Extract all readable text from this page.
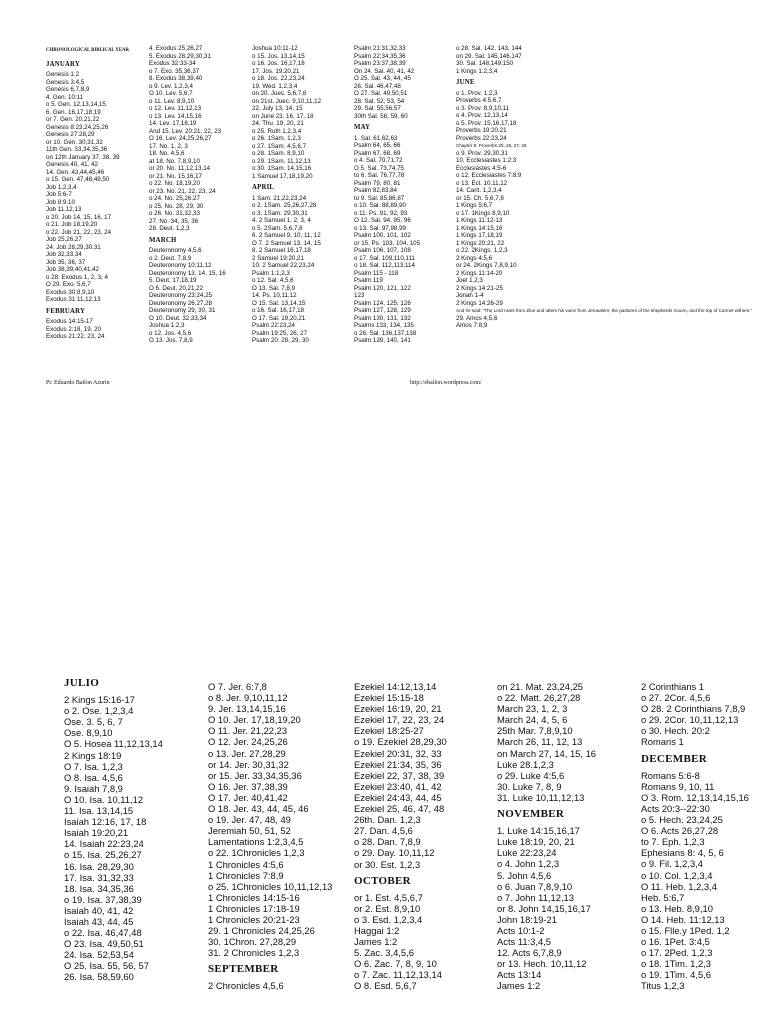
CHRONOLOGICAL BIBLICAL YEAR
JANUARY
Genesis 1:2
Genesis 3:4,5
Genesis 6,7,8,9
4. Gen. 10:11
o 5. Gen. 12,13,14,15
6. Gen. 16,17,18,19
or 7. Gen. 20,21,22
Genesis 8:23,24,25,26
Genesis 27:28,29
or 10. Gen. 30,31,32
11th Gen. 33,34,35,36
on 12th January 37, 38, 39
Genesis 40, 41, 42
14. Gen. 43,44,45,46
o 15. Gen. 47,48,49,50
Job 1,2,3,4
Job 5:6-7
Job 8:9,10
Job 11,12,13
o 20. Job 14, 15, 16, 17
o 21. Job 18,19,20
o 22. Job 21, 22, 23, 24
Job 25,26,27
24. Job 28,29,30,31
Job 32,33,34
Job 35, 36, 37
Job 38,39,40,41,42
o 28. Exodus 1, 2, 3, 4
O 29. Exo. 5,6,7
Exodus 30:8,9,10
Exodus 31:11,12,13
FEBRUARY
Exodus 14:15-17
Exodus 2:18, 19, 20
Exodus 21:22, 23, 24
4. Exodus 25,26,27
5. Exodus 28,29,30,31
Exodus 32:33-34
o 7. Exo. 35,36,37
8. Exodus 38,39,40
o 9. Lev. 1,2,3,4
O 10. Lev. 5,6,7
o 11. Lev. 8,9,10
o 12. Lev. 11,12,13
o 13. Lev. 14,15,16
14. Lev. 17,18,19
And 15. Lev. 20:21, 22, 23
O 16. Lev. 24,25,26,27
17. No. 1, 2, 3
18. No. 4,5,6
at 18. No. 7,8,9,10
or 20. No. 11,12,13,14
or 21. No. 15,16,17
o 22. No. 18,19,20
or 23. No. 21, 22, 23, 24
o 24. No. 25,26,27
o 25. No. 28, 29, 30
o 26. No. 31,32,33
27. No. 34, 35, 36
28. Deut. 1,2,3
MARCH
Deuteronomy 4,5,6
o 2. Deut. 7,8,9
Deuteronomy 10:11,12
Deuteronomy 13, 14, 15, 16
5. Deut. 17,18,19
O 6. Deut. 20,21,22
Deuteronomy 23:24,25
Deuteronomy 26,27,28
Deuteronomy 29, 30, 31
O 10. Deut. 32,33,34
Joshua 1:2,3
o 12. Jos. 4,5,6
O 13. Jos. 7,8,9
Joshua 10:11-12
o 15. Jos. 13,14,15
o 16. Jos. 16,17,18
17. Jos. 19:20,21
o 18. Jos. 22,23,24
19. Wed. 1,2,3,4
on 20. Juec. 5,6,7,8
on 21st. Juec. 9,10,11,12
22. July 13, 14, 15
on June 23, 16, 17, 18
24. Thu. 19, 20, 21
o 25. Ruth 1,2,3,4
o 26. 1Sam. 1,2,3
o 27. 1Sam. 4,5,6,7
o 28. 1Sam. 8,9,10
o 29. 1Sam. 11,12,13
o 30. 1Sam. 14,15,16
1 Samuel 17,18,19,20
APRIL
1 Sam. 21,22,23,24
o 2. 1Sam. 25,26,27,28
o 3. 1Sam. 29,30,31
4. 2 Samuel 1, 2, 3, 4
o 5. 2Sam. 5,6,7,8
6. 2 Samuel 9, 10, 11, 12
O 7. 2 Samuel 13, 14, 15
8. 2 Samuel 16,17,18
2 Samuel 19:20,21
10. 2 Samuel 22,23,24
Psalm 1:1,2,3
o 12. Sal. 4,5,6
O 13. Sal. 7,8,9
14. Ps. 10,11,12
O 15. Sal. 13,14,15
o 16. Sal. 16,17,18
O 17. Sal. 19,20,21
Psalm 22:23,24
Psalm 19:25, 26, 27
Psalm 20: 28, 29, 30
Psalm 21:31,32,33
Psalm 22:34,35,36
Psalm 23:37,38,39
On 24. Sal. 40, 41, 42
O 25. Sal. 43, 44, 45
26. Sal. 46,47,48
O 27. Sal. 49,50,51
28. Sal. 52, 53, 54
29. Sal. 55,56,57
30th Sal. 58, 59, 60
MAY
1. Sal. 61,62,63
Psalm 64, 65, 66
Psalm 67, 68, 69
o 4. Sal. 70,71,72
O 5. Sal. 73,74,75
to 6. Sal. 76,77,78
Psalm 79, 80, 81
Psalm 82,83,84
to 9. Sal. 85,86,87
o 10. Sal. 88,89,90
o 11. Ps. 91, 92, 93
O 12. Sal. 94, 95, 96
o 13. Sal. 97,98,99
Psalm 100, 101, 102
or 15. Ps. 103, 104, 105
Psalm 106, 107, 108
o 17. Sal. 109,110,111
o 18. Sal. 112,113,114
Psalm 115 - 118
Psalm 119
Psalm 120, 121, 122
123
Psalm 124, 125, 126
Psalm 127, 128, 129
Psalm 130, 131, 132
Psalms 133, 134, 135
o 26. Sal. 136,137,138
Psalm 139, 140, 141
o 28. Sal. 142, 143, 144
on 29. Sal. 145,146,147
30. Sal. 148,149,150
1 Kings 1:2,3,4
JUNE
o 1. Prov. 1,2,3
Proverbs 4:5,6,7
o 3. Prov. 8,9,10,11
o 4. Prov. 12,13,14
o 5. Prov. 15,16,17,18
Proverbs 19:20,21
Proverbs 22:23,24
Chapter 8. Proverbs 25, 26, 27, 28
o 9. Prov. 29,30,31
10. Ecclesiastes 1:2:3
Ecclesiastes 4:5-6
o 12. Ecclesiastes 7:8:9
o 13. Ecl. 10,11,12
14. Cant. 1,2,3,4
or 15. Ch. 5,6,7,8
1 Kings 5:6,7
o 17. 1Kings 8,9,10
1 Kings 11:12-13
1 Kings 14:15,16
1 Kings 17,18,19
1 Kings 20:21, 22
o 22. 2Kings. 1,2,3
2 Kings 4:5,6
or 24. 2Kings 7,8,9,10
2 Kings 11:14-20
Joel 1,2,3
2 Kings 14:21-25
Jonah 1-4
2 Kings 14:26-29
And he said: "The Lord roars from Zion and utters his voice from Jerusalem; the pastures of the shepherds mourn, and the top of Carmel withers."
29. Amos 4,5,6
Amos 7:8,9
Pr. Eduardo Bailon Azurin	http://ebailon.wordpress.com/
JULIO
2 Kings 15:16-17
o 2. Ose. 1,2,3,4
Ose. 3. 5, 6, 7
Ose. 8,9,10
O 5. Hosea 11,12,13,14
2 Kings 18:19
O 7. Isa. 1,2,3
O 8. Isa. 4,5,6
9. Isaiah 7,8,9
O 10. Isa. 10,11,12
11. Isa. 13,14,15
Isaiah 12:16, 17, 18
Isaiah 19:20,21
14. Isaiah 22:23,24
o 15. Isa. 25,26,27
16. Isa. 28,29,30
17. Isa. 31,32,33
18. Isa. 34,35,36
o 19. Isa. 37,38,39
Isaiah 40, 41, 42
Isaiah 43, 44, 45
o 22. Isa. 46,47,48
O 23. Isa. 49,50,51
24. Isa. 52,53,54
O 25. Isa. 55, 56, 57
26. Isa. 58,59,60
O 7. Jer. 6:7,8
o 8. Jer. 9,10,11,12
9. Jer. 13,14,15,16
O 10. Jer. 17,18,19,20
O 11. Jer. 21,22,23
O 12. Jer. 24,25,26
o 13. Jer. 27,28,29
or 14. Jer. 30,31,32
or 15. Jer. 33,34,35,36
O 16. Jer. 37,38,39
O 17. Jer. 40,41,42
O 18. Jer. 43, 44, 45, 46
o 19. Jer. 47, 48, 49
Jeremiah 50, 51, 52
Lamentations 1:2,3,4,5
o 22. 1Chronicles 1,2,3
1 Chronicles 4:5,6
1 Chronicles 7:8,9
o 25. 1Chronicles 10,11,12,13
1 Chronicles 14:15-16
1 Chronicles 17:18-19
1 Chronicles 20:21-23
29. 1 Chronicles 24,25,26
30. 1Chron. 27,28,29
31. 2 Chronicles 1,2,3
SEPTEMBER
2 Chronicles 4,5,6
Ezekiel 14:12,13,14
Ezekiel 15:15-18
Ezekiel 16:19, 20, 21
Ezekiel 17, 22, 23, 24
Ezekiel 18:25-27
o 19. Ezekiel 28,29,30
Ezekiel 20:31, 32, 33
Ezekiel 21:34, 35, 36
Ezekiel 22, 37, 38, 39
Ezekiel 23:40, 41, 42
Ezekiel 24:43, 44, 45
Ezekiel 25, 46, 47, 48
26th. Dan. 1,2,3
27. Dan. 4,5,6
o 28. Dan. 7,8,9
o 29. Day. 10,11,12
or 30. Est. 1,2,3
OCTOBER
or 1. Est. 4,5,6,7
or 2. Est. 8,9,10
o 3. Esd. 1,2,3,4
Haggai 1:2
James 1:2
5. Zac. 3,4,5,6
O 6. Zac. 7, 8, 9, 10
o 7. Zac. 11,12,13,14
O 8. Esd. 5,6,7
on 21. Mat. 23,24,25
o 22. Matt. 26,27,28
March 23, 1, 2, 3
March 24, 4, 5, 6
25th Mar. 7,8,9,10
March 26, 11, 12, 13
on March 27, 14, 15, 16
Luke 28.1,2,3
o 29. Luke 4:5,6
30. Luke 7, 8, 9
31. Luke 10,11,12,13
NOVEMBER
1. Luke 14:15,16,17
Luke 18:19, 20, 21
Luke 22:23,24
o 4. John 1,2,3
5. John 4,5,6
o 6. Juan 7,8,9,10
o 7. John 11,12,13
or 8. John 14,15,16,17
John 18:19-21
Acts 10:1-2
Acts 11:3,4,5
12. Acts 6,7,8,9
or 13. Hech. 10,11,12
Acts 13:14
James 1:2
2 Corinthians 1
o 27. 2Cor. 4,5,6
O 28. 2 Corinthians 7,8,9
o 29. 2Cor. 10,11,12,13
o 30. Hech. 20:2
Romans 1
DECEMBER
Romans 5:6-8
Romans 9, 10, 11
O 3. Rom. 12,13,14,15,16
Acts 20:3--22:30
o 5. Hech. 23,24,25
O 6. Acts 26,27,28
to 7. Eph. 1,2,3
Ephesians 8: 4, 5, 6
o 9. Fil. 1,2,3,4
o 10. Col. 1,2,3,4
O 11. Heb. 1,2,3,4
Heb. 5:6,7
o 13. Heb. 8,9,10
O 14. Heb. 11:12,13
o 15. Flle.y 1Ped. 1,2
o 16. 1Pet. 3:4,5
o 17. 2Ped. 1,2,3
o 18. 1Tim. 1,2,3
o 19. 1Tim. 4,5,6
Titus 1,2,3
